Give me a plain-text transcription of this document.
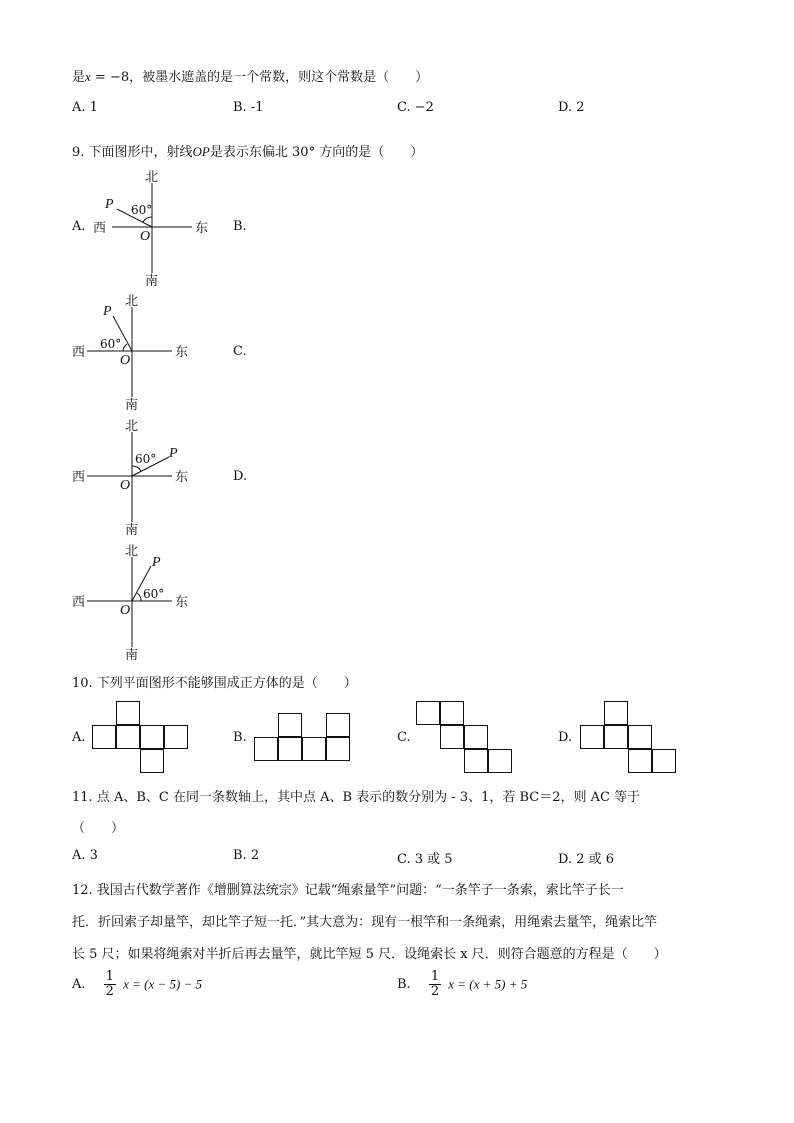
是x = −8，被墨水遮盖的是一个常数，则这个常数是（　　）
A. 1	B. -1	C. −2	D. 2
9. 下面图形中，射线OP是表示东偏北 30° 方向的是（　　）
A.	B.
C.
D.
北
南
东
西
O
P 60°
北
南
东
西
O
P
60°
北
南
东
西
O
P
60°
北
南
东
西
O
P
60°
10. 下列平面图形不能够围成正方体的是（　　）
A.	B.	C.	D.
11. 点 A、B、C 在同一条数轴上，其中点 A、B 表示的数分别为 - 3、1，若 BC＝2，则 AC 等于
（　　）
A. 3	B. 2	C. 3 或 5	D. 2 或 6
12. 我国古代数学著作《增删算法统宗》记载“绳索量竿”问题：“一条竿子一条索，索比竿子长一
托．折回索子却量竿，却比竿子短一托．”其大意为：现有一根竿和一条绳索，用绳索去量竿，绳索比竿
长 5 尺；如果将绳索对半折后再去量竿，就比竿短 5 尺．设绳索长 x 尺．则符合题意的方程是（　　）
A. $\frac{1}{2}$ x = (x − 5) − 5	B. $\frac{1}{2}$ x = (x + 5) + 5
